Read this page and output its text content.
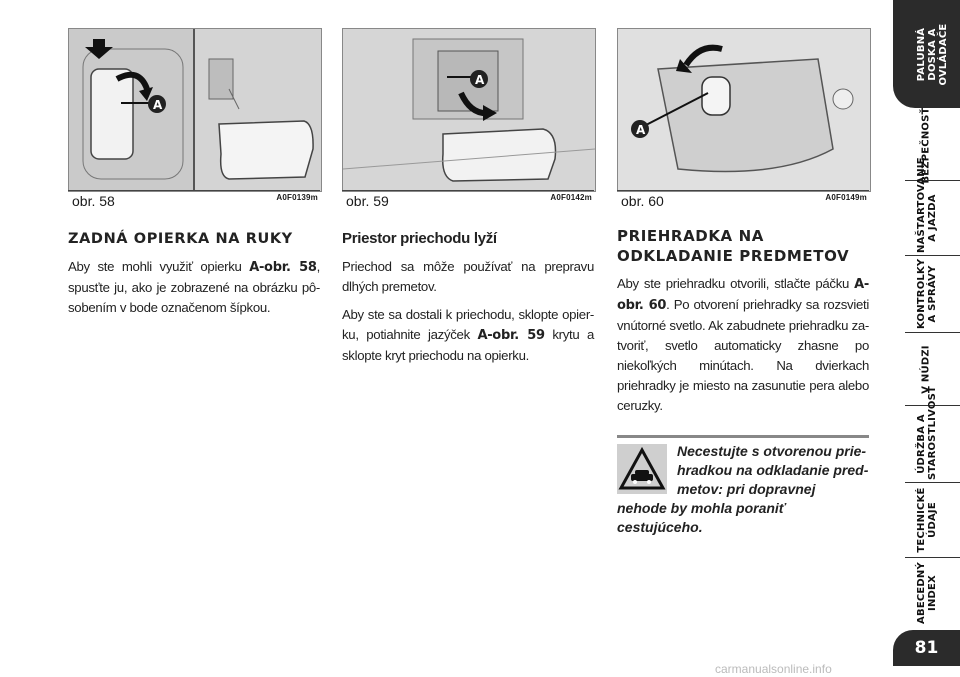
A
obr. 58	A0F0139m
A
obr. 59	A0F0142m
A
obr. 60	A0F0149m
ZADNÁ OPIERKA NA RUKY

Aby ste mohli využiť opierku A-obr. 58, spusťte ju, ako je zobrazené na obrázku pô- sobením v bode označenom šípkou.

Priestor priechodu lyží

Priechod sa môže používať na prepravu dlhých premetov.

Aby ste sa dostali k priechodu, sklopte opier- ku, potiahnite jazýček A-obr. 59 krytu a sklopte kryt priechodu na opierku.

PRIEHRADKA NA ODKLADANIE PREDMETOV

Aby ste priehradku otvorili, stlačte páčku A-obr. 60. Po otvorení priehradky sa rozsvieti vnútorné svetlo. Ak zabudnete priehradku za- tvoriť, svetlo automaticky zhasne po niekoľkých minútach. Na dvierkach priehradky je miesto na zasunutie pera alebo ceruzky.

Necestujte s otvorenou prie- hradkou na odkladanie pred- metov: pri dopravnej nehode by mohla poraniť cestujúceho.
PALUBNÁ DOSKA A OVLÁDAČE
BEZPEČNOSŤ
NAŠTARTOVANIE A JAZDA
KONTROLKY A SPRÁVY
V NÚDZI
ÚDRŽBA A STAROSTLIVOSŤ
TECHNICKÉ ÚDAJE
ABECEDNÝ INDEX
81
carmanualsonline.info
